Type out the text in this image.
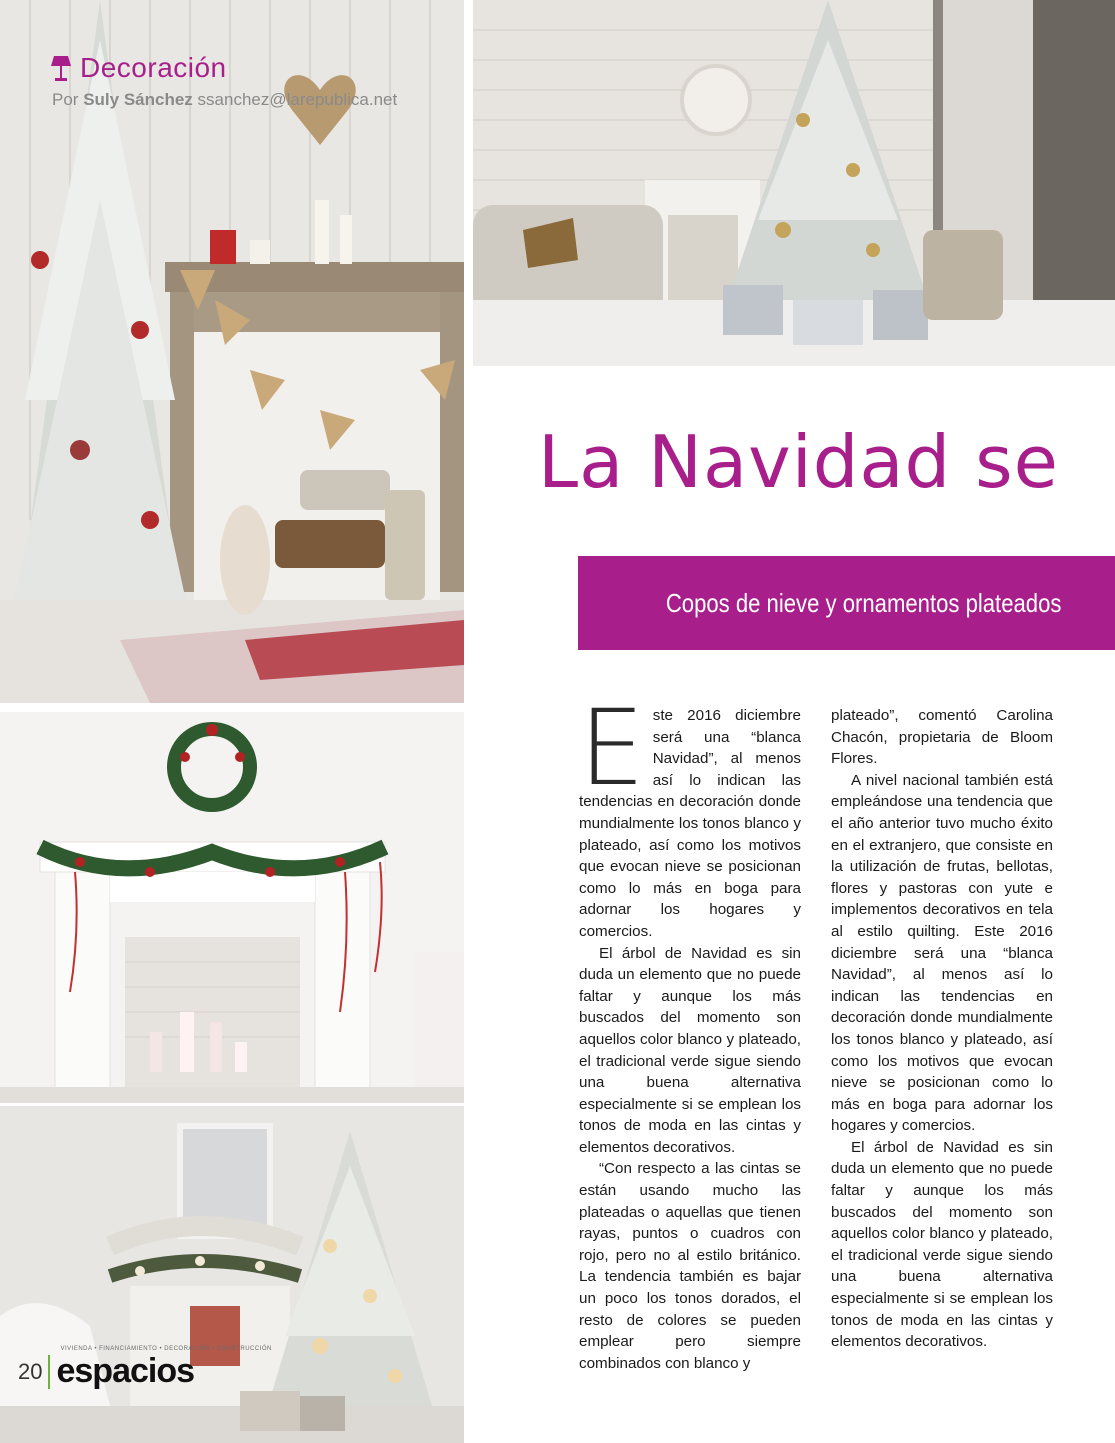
Decoración
Por Suly Sánchez ssanchez@larepublica.net
La Navidad se
Copos de nieve y ornamentos plateados

Este 2016 diciembre será una “blanca Navidad”, al menos así lo indican las tendencias en decoración donde mundialmente los tonos blanco y plateado, así como los motivos que evocan nieve se posicionan como lo más en boga para adornar los hogares y comercios.

El árbol de Navidad es sin duda un elemento que no puede faltar y aunque los más buscados del momento son aquellos color blanco y plateado, el tradicional verde sigue siendo una buena alternativa especialmente si se emplean los tonos de moda en las cintas y elementos decorativos.

“Con respecto a las cintas se están usando mucho las plateadas o aquellas que tienen rayas, puntos o cuadros con rojo, pero no al estilo británico. La tendencia también es bajar un poco los tonos dorados, el resto de colores se pueden emplear pero siempre combinados con blanco y

plateado”, comentó Carolina Chacón, propietaria de Bloom Flores.

A nivel nacional también está empleándose una tendencia que el año anterior tuvo mucho éxito en el extranjero, que consiste en la utilización de frutas, bellotas, flores y pastoras con yute e implementos decorativos en tela al estilo quilting. Este 2016 diciembre será una “blanca Navidad”, al menos así lo indican las tendencias en decoración donde mundialmente los tonos blanco y plateado, así como los motivos que evocan nieve se posicionan como lo más en boga para adornar los hogares y comercios.

El árbol de Navidad es sin duda un elemento que no puede faltar y aunque los más buscados del momento son aquellos color blanco y plateado, el tradicional verde sigue siendo una buena alternativa especialmente si se emplean los tonos de moda en las cintas y elementos decorativos.

20
VIVIENDA • FINANCIAMIENTO • DECORACIÓN • CONSTRUCCIÓN
espacios
